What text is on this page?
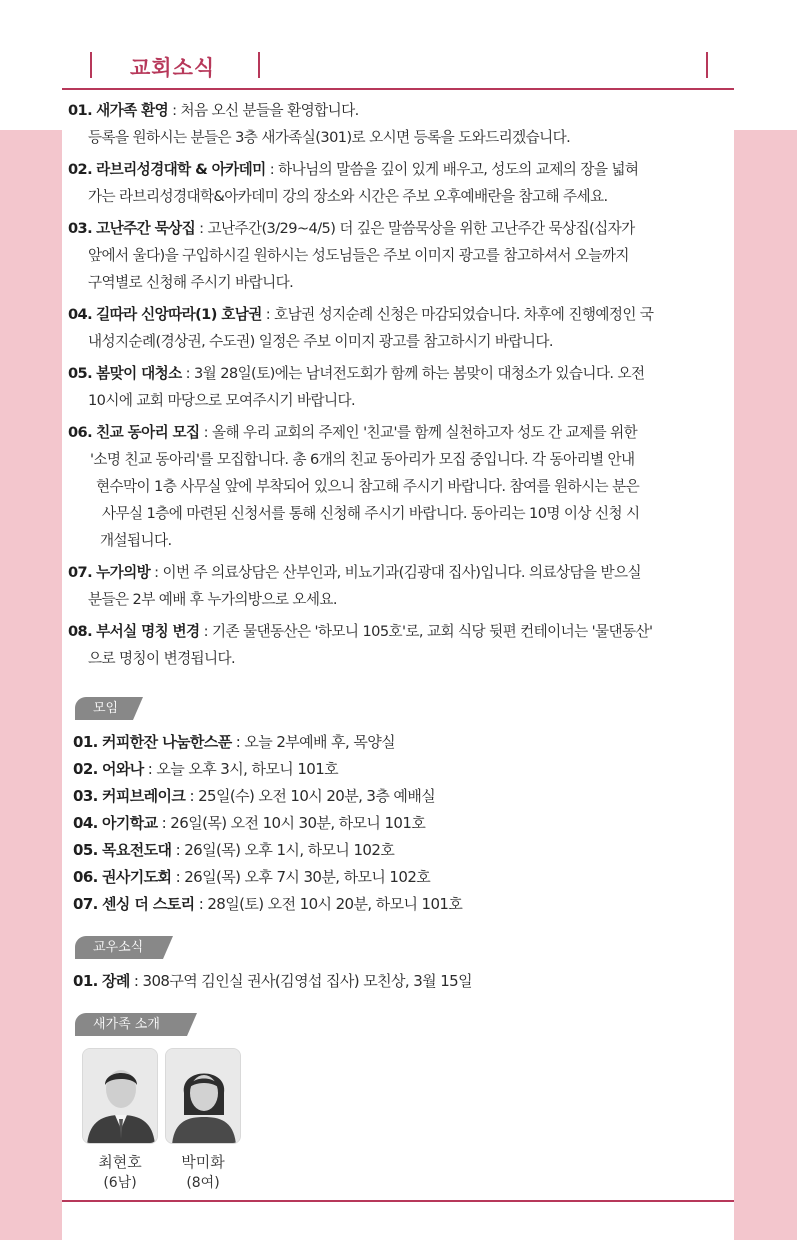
교회소식
01. 새가족 환영 : 처음 오신 분들을 환영합니다.
등록을 원하시는 분들은 3층 새가족실(301)로 오시면 등록을 도와드리겠습니다.
02. 라브리성경대학 & 아카데미 : 하나님의 말씀을 깊이 있게 배우고, 성도의 교제의 장을 넓혀
가는 라브리성경대학&아카데미 강의 장소와 시간은 주보 오후예배란을 참고해 주세요.
03. 고난주간 묵상집 : 고난주간(3/29~4/5) 더 깊은 말씀묵상을 위한 고난주간 묵상집(십자가
앞에서 울다)을 구입하시길 원하시는 성도님들은 주보 이미지 광고를 참고하셔서 오늘까지
구역별로 신청해 주시기 바랍니다.
04. 길따라 신앙따라(1) 호남권 : 호남권 성지순례 신청은 마감되었습니다. 차후에 진행예정인 국
내성지순례(경상권, 수도권) 일정은 주보 이미지 광고를 참고하시기 바랍니다.
05. 봄맞이 대청소 : 3월 28일(토)에는 남녀전도회가 함께 하는 봄맞이 대청소가 있습니다. 오전
10시에 교회 마당으로 모여주시기 바랍니다.
06. 친교 동아리 모집 : 올해 우리 교회의 주제인 '친교'를 함께 실천하고자 성도 간 교제를 위한
'소명 친교 동아리'를 모집합니다. 총 6개의 친교 동아리가 모집 중입니다. 각 동아리별 안내
현수막이 1층 사무실 앞에 부착되어 있으니 참고해 주시기 바랍니다. 참여를 원하시는 분은
사무실 1층에 마련된 신청서를 통해 신청해 주시기 바랍니다. 동아리는 10명 이상 신청 시
개설됩니다.
07. 누가의방 : 이번 주 의료상담은 산부인과, 비뇨기과(김광대 집사)입니다. 의료상담을 받으실
분들은 2부 예배 후 누가의방으로 오세요.
08. 부서실 명칭 변경 : 기존 물댄동산은 '하모니 105호'로, 교회 식당 뒷편 컨테이너는 '물댄동산'
으로 명칭이 변경됩니다.
모임
01. 커피한잔 나눔한스푼 : 오늘 2부예배 후, 목양실
02. 어와나 : 오늘 오후 3시, 하모니 101호
03. 커피브레이크 : 25일(수) 오전 10시 20분, 3층 예배실
04. 아기학교 : 26일(목) 오전 10시 30분, 하모니 101호
05. 목요전도대 : 26일(목) 오후 1시, 하모니 102호
06. 권사기도회 : 26일(목) 오후 7시 30분, 하모니 102호
07. 센싱 더 스토리 : 28일(토) 오전 10시 20분, 하모니 101호
교우소식
01. 장례 : 308구역 김인실 권사(김영섭 집사) 모친상, 3월 15일
새가족 소개
최현호
(6남)
박미화
(8여)
